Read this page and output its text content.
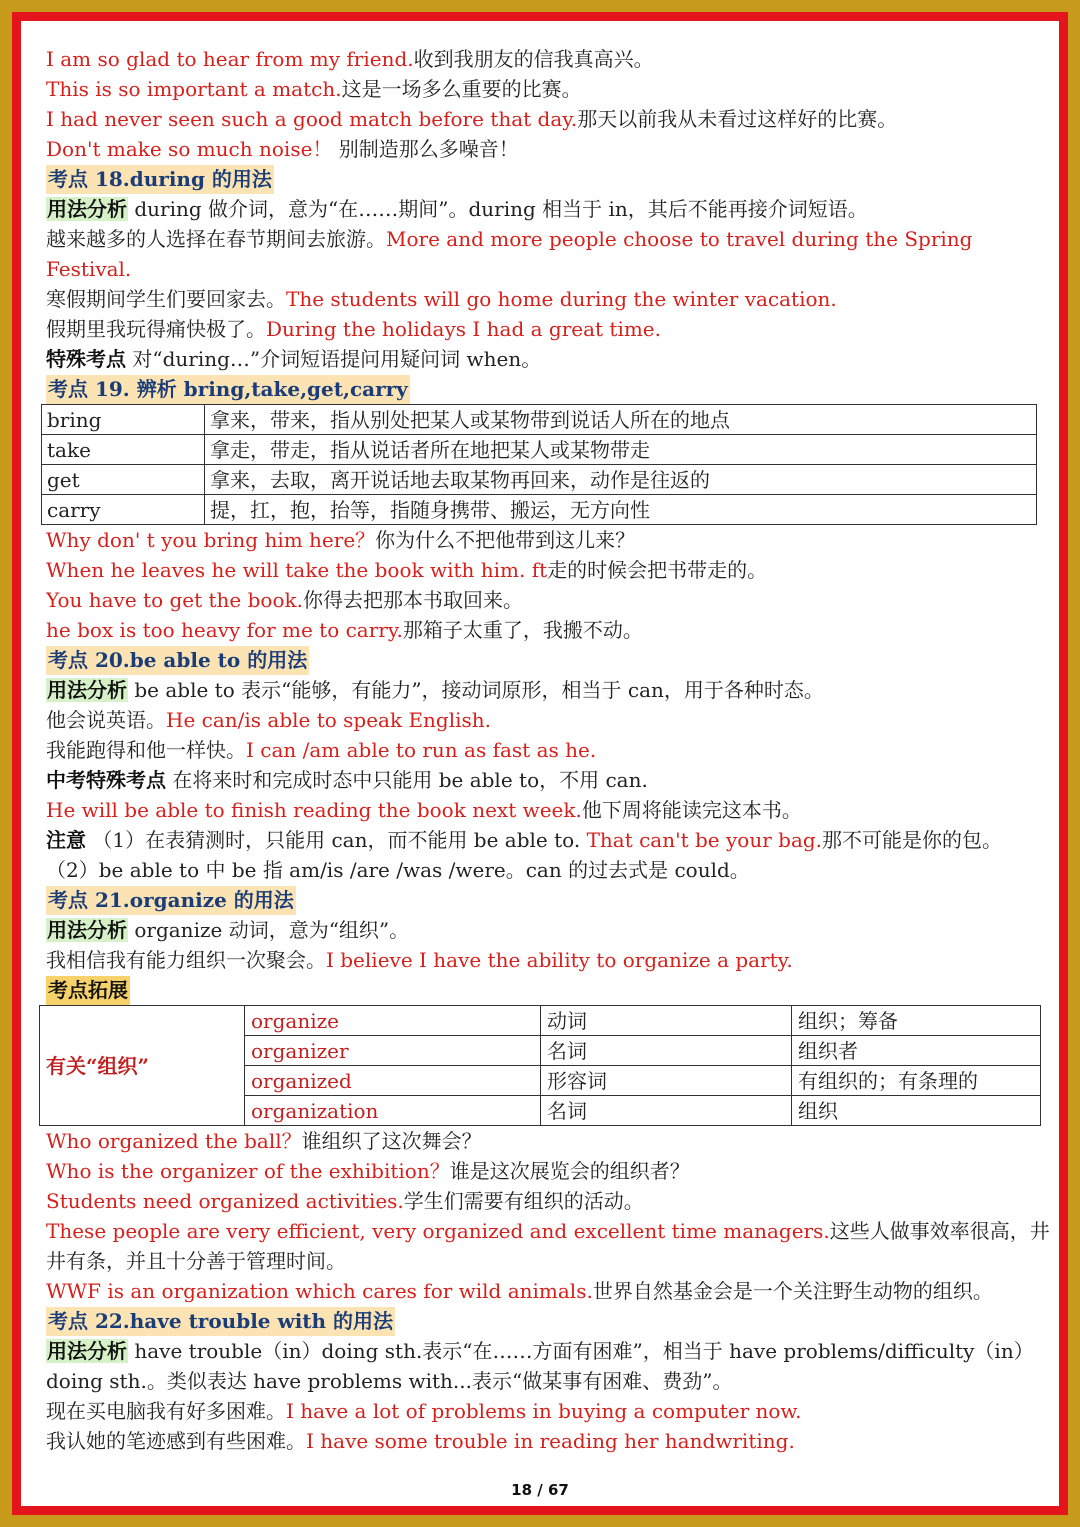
I am so glad to hear from my friend.收到我朋友的信我真高兴。
This is so important a match.这是一场多么重要的比赛。
I had never seen such a good match before that day.那天以前我从未看过这样好的比赛。
Don't make so much noise！ 别制造那么多噪音！
考点 18.during 的用法
用法分析 during 做介词，意为“在……期间”。during 相当于 in，其后不能再接介词短语。
越来越多的人选择在春节期间去旅游。More and more people choose to travel during the Spring Festival.
寒假期间学生们要回家去。The students will go home during the winter vacation.
假期里我玩得痛快极了。During the holidays I had a great time.
特殊考点 对“during…”介词短语提问用疑问词 when。
考点 19. 辨析 bring,take,get,carry
bring	拿来，带来，指从别处把某人或某物带到说话人所在的地点
take	拿走，带走，指从说话者所在地把某人或某物带走
get	拿来，去取，离开说话地去取某物再回来，动作是往返的
carry	提，扛，抱，抬等，指随身携带、搬运，无方向性
Why don' t you bring him here？你为什么不把他带到这儿来？
When he leaves he will take the book with him. ft走的时候会把书带走的。
You have to get the book.你得去把那本书取回来。
he box is too heavy for me to carry.那箱子太重了，我搬不动。
考点 20.be able to 的用法
用法分析 be able to 表示“能够，有能力”，接动词原形，相当于 can，用于各种时态。
他会说英语。He can/is able to speak English.
我能跑得和他一样快。I can /am able to run as fast as he.
中考特殊考点 在将来时和完成时态中只能用 be able to，不用 can.
He will be able to finish reading the book next week.他下周将能读完这本书。
注意 （1）在表猜测时，只能用 can，而不能用 be able to. That can't be your bag.那不可能是你的包。
（2）be able to 中 be 指 am/is /are /was /were。can 的过去式是 could。
考点 21.organize 的用法
用法分析 organize 动词，意为“组织”。
我相信我有能力组织一次聚会。I believe I have the ability to organize a party.
考点拓展
有关“组织”	organize	动词	组织；筹备
	organizer	名词	组织者
	organized	形容词	有组织的；有条理的
	organization	名词	组织
Who organized the ball？谁组织了这次舞会？
Who is the organizer of the exhibition？谁是这次展览会的组织者？
Students need organized activities.学生们需要有组织的活动。
These people are very efficient, very organized and excellent time managers.这些人做事效率很高，井井有条，并且十分善于管理时间。
WWF is an organization which cares for wild animals.世界自然基金会是一个关注野生动物的组织。
考点 22.have trouble with 的用法
用法分析 have trouble（in）doing sth.表示“在……方面有困难”，相当于 have problems/difficulty（in）doing sth.。类似表达 have problems with...表示“做某事有困难、费劲”。
现在买电脑我有好多困难。I have a lot of problems in buying a computer now.
我认她的笔迹感到有些困难。I have some trouble in reading her handwriting.
18 / 67
